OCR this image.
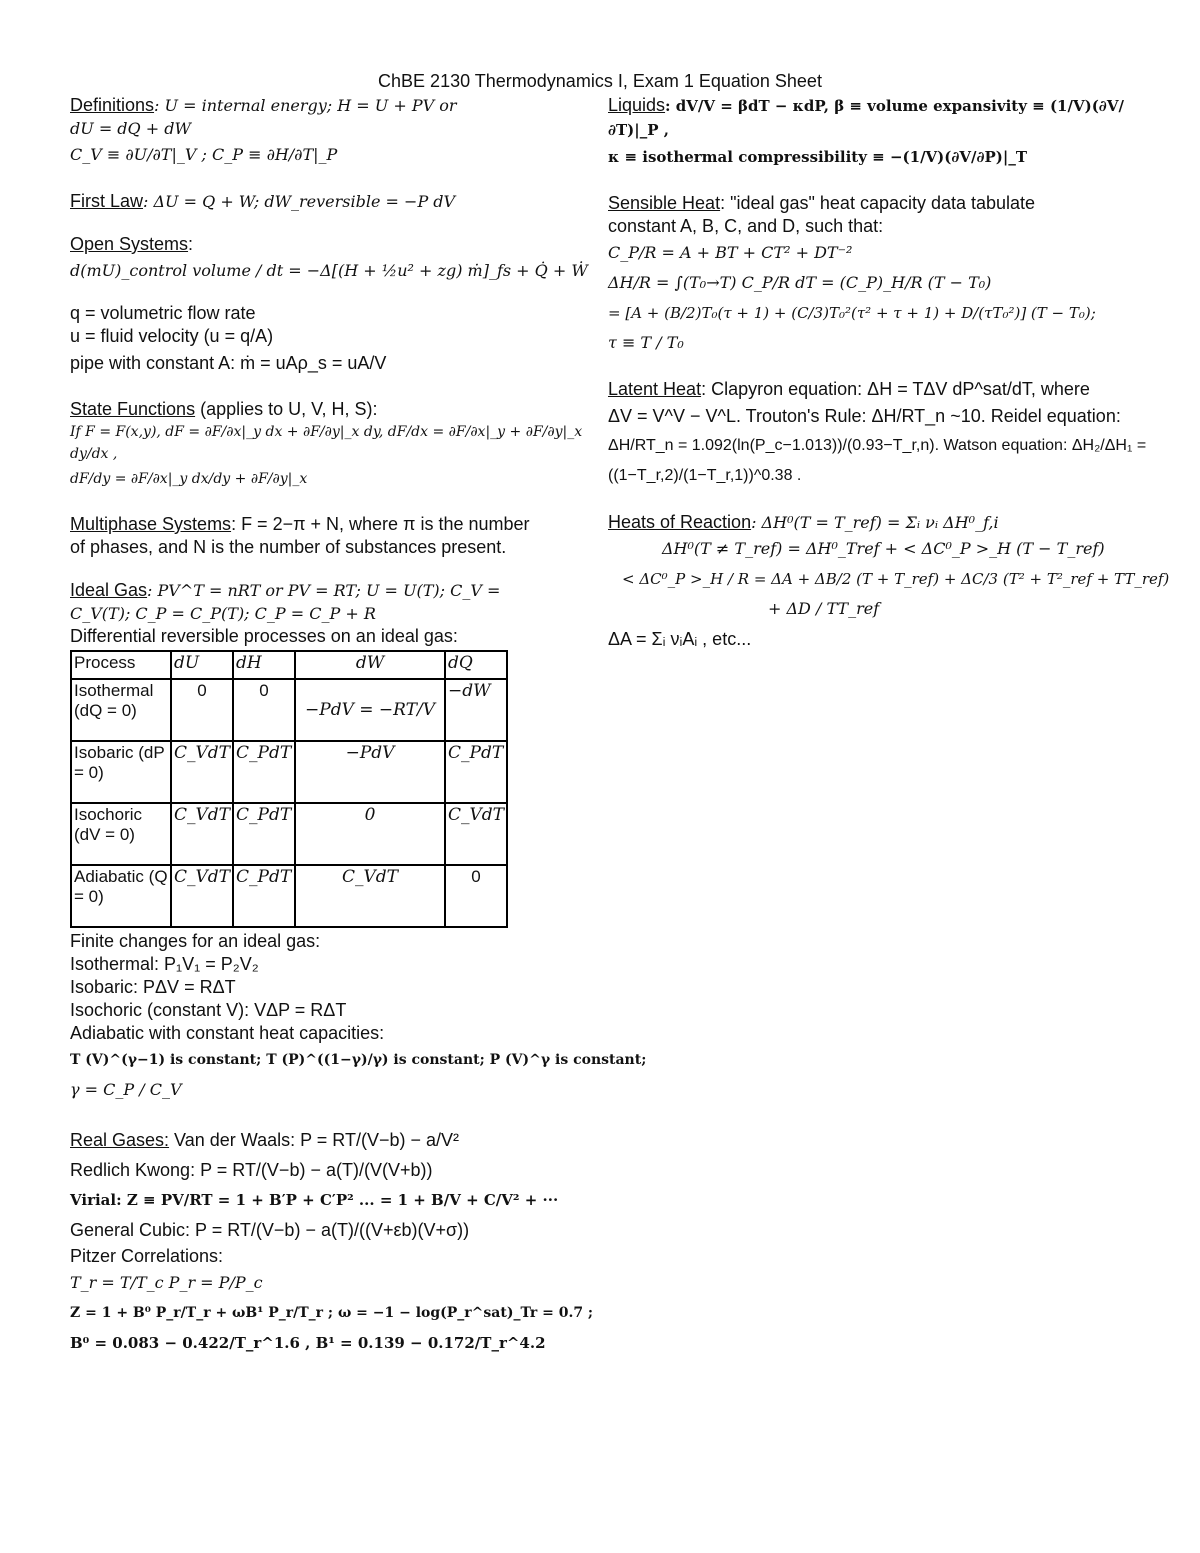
ChBE 2130 Thermodynamics I, Exam 1 Equation Sheet
Definitions: U = internal energy; H = U + PV or
dU = dQ + dW
C_V ≡ ∂U/∂T|_V ; C_P ≡ ∂H/∂T|_P
First Law: ΔU = Q + W; dW_reversible = −P dV
Open Systems:
d(mU)_control volume / dt = −Δ[(H + ½u² + zg) ṁ]_fs + Q̇ + Ẇ
q = volumetric flow rate
u = fluid velocity (u = q/A)
pipe with constant A: ṁ = uAρ_s = uA/V
State Functions (applies to U, V, H, S):
If F = F(x,y), dF = ∂F/∂x|_y dx + ∂F/∂y|_x dy, dF/dx = ∂F/∂x|_y + ∂F/∂y|_x dy/dx ,
dF/dy = ∂F/∂x|_y dx/dy + ∂F/∂y|_x
Multiphase Systems: F = 2−π + N, where π is the number
of phases, and N is the number of substances present.
Ideal Gas: PV^T = nRT or PV = RT; U = U(T); C_V =
C_V(T); C_P = C_P(T); C_P = C_P + R
Differential reversible processes on an ideal gas:
Process	dU	dH	dW	dQ
Isothermal (dQ = 0)	0	0	−PdV = −RT/V	−dW
Isobaric (dP = 0)	C_VdT	C_PdT	−PdV	C_PdT
Isochoric (dV = 0)	C_VdT	C_PdT	0	C_VdT
Adiabatic (Q = 0)	C_VdT	C_PdT	C_VdT	0
Finite changes for an ideal gas:
Isothermal: P₁V₁ = P₂V₂
Isobaric: PΔV = RΔT
Isochoric (constant V): VΔP = RΔT
Adiabatic with constant heat capacities:
T (V)^(γ−1) is constant; T (P)^((1−γ)/γ) is constant; P (V)^γ is constant;
γ = C_P / C_V
Real Gases: Van der Waals: P = RT/(V−b) − a/V²
Redlich Kwong: P = RT/(V−b) − a(T)/(V(V+b))
Virial: Z ≡ PV/RT = 1 + B′P + C′P² ... = 1 + B/V + C/V² + ···
General Cubic: P = RT/(V−b) − a(T)/((V+εb)(V+σ))
Pitzer Correlations:
T_r = T/T_c P_r = P/P_c
Z = 1 + B⁰ P_r/T_r + ωB¹ P_r/T_r ; ω = −1 − log(P_r^sat)_Tr = 0.7 ;
B⁰ = 0.083 − 0.422/T_r^1.6 , B¹ = 0.139 − 0.172/T_r^4.2
Liquids: dV/V = βdT − κdP, β ≡ volume expansivity ≡ (1/V)(∂V/∂T)|_P ,
κ ≡ isothermal compressibility ≡ −(1/V)(∂V/∂P)|_T
Sensible Heat: "ideal gas" heat capacity data tabulate
constant A, B, C, and D, such that:
C_P/R = A + BT + CT² + DT⁻²
ΔH/R = ∫(T₀→T) C_P/R dT = (C_P)_H/R (T − T₀)
= [A + (B/2)T₀(τ + 1) + (C/3)T₀²(τ² + τ + 1) + D/(τT₀²)] (T − T₀);
τ ≡ T / T₀
Latent Heat: Clapyron equation: ΔH = TΔV dP^sat/dT, where
ΔV = V^V − V^L. Trouton's Rule: ΔH/RT_n ~10. Reidel equation:
ΔH/RT_n = 1.092(ln(P_c−1.013))/(0.93−T_r,n). Watson equation: ΔH₂/ΔH₁ = ((1−T_r,2)/(1−T_r,1))^0.38 .
Heats of Reaction: ΔH⁰(T = T_ref) = Σᵢ νᵢ ΔH⁰_f,i
ΔH⁰(T ≠ T_ref) = ΔH⁰_Tref + < ΔC⁰_P >_H (T − T_ref)
< ΔC⁰_P >_H / R = ΔA + ΔB/2 (T + T_ref) + ΔC/3 (T² + T²_ref + TT_ref)
+ ΔD / TT_ref
ΔA = Σᵢ νᵢAᵢ , etc...
